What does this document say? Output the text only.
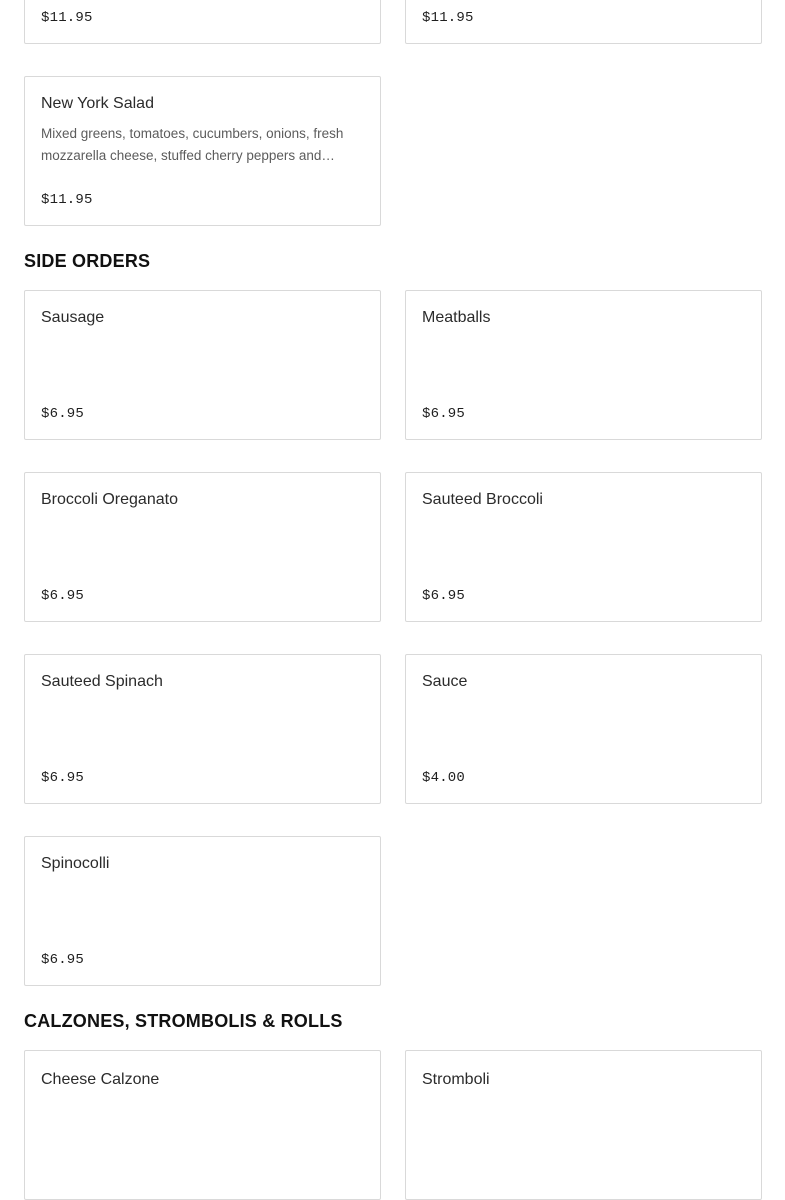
$11.95	$11.95
New York Salad
Mixed greens, tomatoes, cucumbers, onions, fresh mozzarella cheese, stuffed cherry peppers and…
$11.95
SIDE ORDERS
Sausage
$6.95
Meatballs
$6.95
Broccoli Oreganato
$6.95
Sauteed Broccoli
$6.95
Sauteed Spinach
$6.95
Sauce
$4.00
Spinocolli
$6.95
CALZONES, STROMBOLIS & ROLLS
Cheese Calzone	Stromboli
